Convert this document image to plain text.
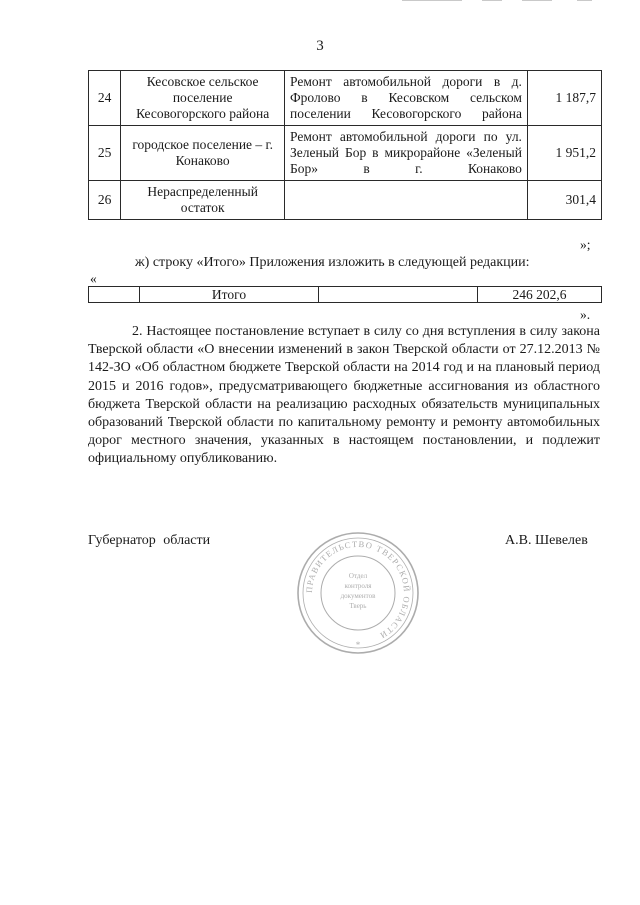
3
24	Кесовское сельское поселение Кесовогорского района	Ремонт автомобильной дороги в д. Фролово в Кесовском сельском поселении Кесовогорского района	1 187,7
25	городское поселение – г. Конаково	Ремонт автомобильной дороги по ул. Зеленый Бор в микрорайоне «Зеленый Бор» в г. Конаково	1 951,2
26	Нераспределенный остаток		301,4
»;
ж) строку «Итого» Приложения изложить в следующей редакции:
«
	Итого		246 202,6
».

2. Настоящее постановление вступает в силу со дня вступления в силу закона Тверской области «О внесении изменений в закон Тверской области от 27.12.2013 № 142-ЗО «Об областном бюджете Тверской области на 2014 год и на плановый период 2015 и 2016 годов», предусматривающего бюджетные ассигнования из областного бюджета Тверской области на реализацию расходных обязательств муниципальных образований Тверской области по капитальному ремонту и ремонту автомобильных дорог местного значения, указанных в настоящем постановлении, и подлежит официальному опубликованию.

Губернатор области	А.В. Шевелев
ПРАВИТЕЛЬСТВО ТВЕРСКОЙ ОБЛАСТИ
Отдел
контроля
документов
Тверь
*
